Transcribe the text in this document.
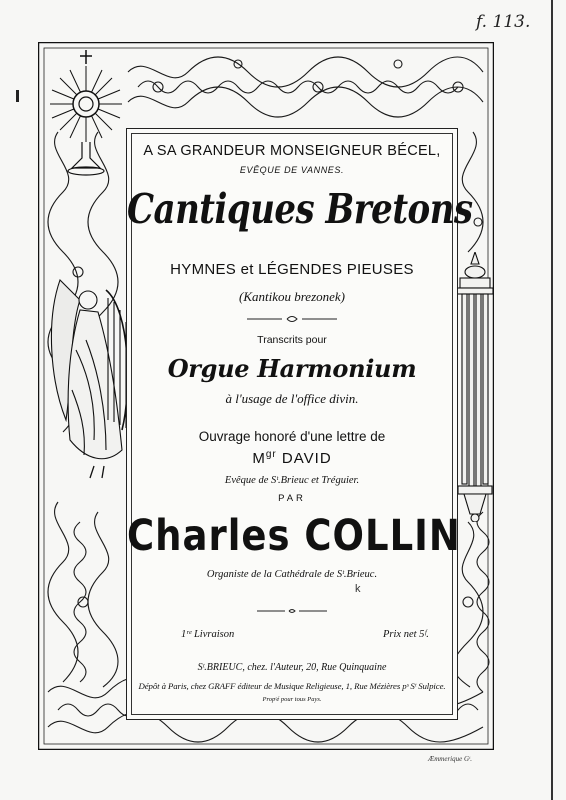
f. 113.
A SA GRANDEUR MONSEIGNEUR BÉCEL,
EVÊQUE DE VANNES.
Cantiques Bretons
HYMNES et LÉGENDES PIEUSES
(Kantikou brezonek)
Transcrits pour
Orgue Harmonium
à l'usage de l'office divin.
Ouvrage honoré d'une lettre de
$M^{gr}$ DAVID
Evêque de Sᵗ.Brieuc et Tréguier.
PAR
Charles COLLIN
Organiste de la Cathédrale de Sᵗ.Brieuc.
1ʳᵉ Livraison	Prix net 5ᶠ.
Sᵗ.BRIEUC, chez. l'Auteur, 20, Rue Quinquaine
Dépôt à Paris, chez GRAFF éditeur de Musique Religieuse, 1, Rue Mézières pˢ Sᵗ Sulpice.
Propᵗé pour tous Pays.
k
Æmmerique Gᵗ.
